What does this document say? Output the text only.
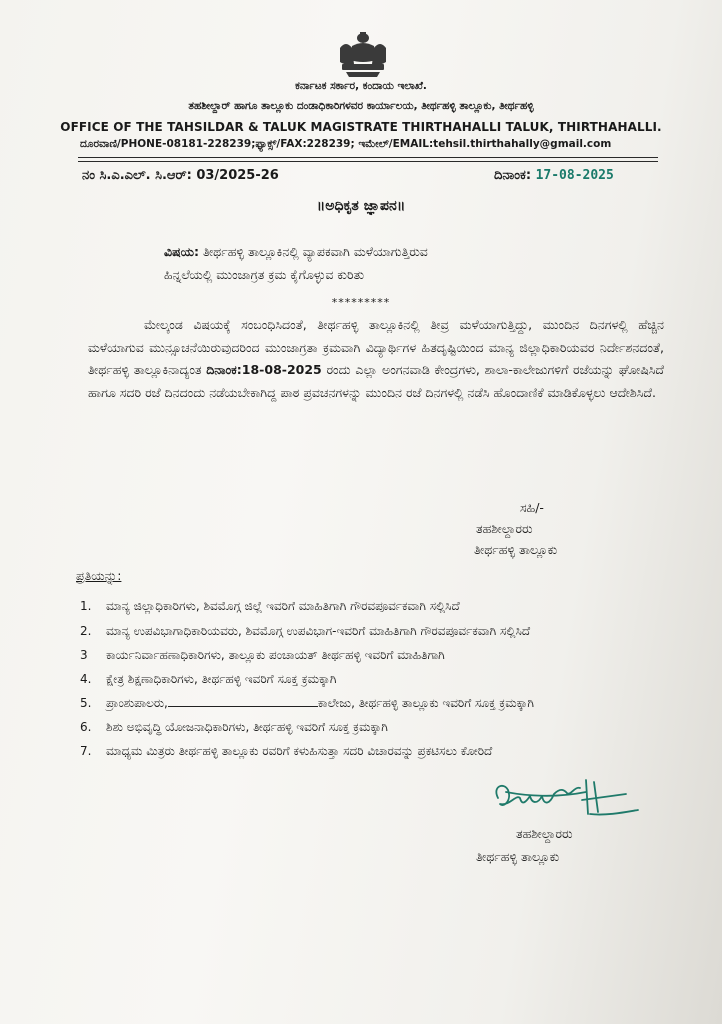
ಕರ್ನಾಟಕ ಸರ್ಕಾರ, ಕಂದಾಯ ಇಲಾಖೆ.
ತಹಶೀಲ್ದಾರ್ ಹಾಗೂ ತಾಲ್ಲೂಕು ದಂಡಾಧಿಕಾರಿಗಳವರ ಕಾರ್ಯಾಲಯ, ತೀರ್ಥಹಳ್ಳಿ ತಾಲ್ಲೂಕು, ತೀರ್ಥಹಳ್ಳಿ
OFFICE OF THE TAHSILDAR & TALUK MAGISTRATE THIRTHAHALLI TALUK, THIRTHAHALLI.
ದೂರವಾಣಿ/PHONE-08181-228239;ಫ್ಯಾಕ್ಸ್/FAX:228239; ಇಮೇಲ್/EMAIL:tehsil.thirthahally@gmail.com
ನಂ ಸಿ.ಎ.ಎಲ್. ಸಿ.ಆರ್: 03/2025-26	ದಿನಾಂಕ: 17-08-2025
॥ಅಧಿಕೃತ ಜ್ಞಾಪನ॥
ವಿಷಯ: ತೀರ್ಥಹಳ್ಳಿ ತಾಲ್ಲೂಕಿನಲ್ಲಿ ವ್ಯಾಪಕವಾಗಿ ಮಳೆಯಾಗುತ್ತಿರುವ
ಹಿನ್ನಲೆಯಲ್ಲಿ ಮುಂಜಾಗ್ರತ ಕ್ರಮ ಕೈಗೊಳ್ಳುವ ಕುರಿತು
*********
ಮೇಲ್ಕಂಡ ವಿಷಯಕ್ಕೆ ಸಂಬಂಧಿಸಿದಂತೆ, ತೀರ್ಥಹಳ್ಳಿ ತಾಲ್ಲೂಕಿನಲ್ಲಿ ತೀವ್ರ ಮಳೆಯಾಗುತ್ತಿದ್ದು, ಮುಂದಿನ ದಿನಗಳಲ್ಲಿ ಹೆಚ್ಚಿನ ಮಳೆಯಾಗುವ ಮುನ್ಸೂಚನೆಯಿರುವುದರಿಂದ ಮುಂಜಾಗ್ರತಾ ಕ್ರಮವಾಗಿ ವಿದ್ಯಾರ್ಥಿಗಳ ಹಿತದೃಷ್ಟಿಯಿಂದ ಮಾನ್ಯ ಜಿಲ್ಲಾಧಿಕಾರಿಯವರ ನಿರ್ದೇಶನದಂತೆ, ತೀರ್ಥಹಳ್ಳಿ ತಾಲ್ಲೂಕಿನಾದ್ಯಂತ ದಿನಾಂಕ:18-08-2025 ರಂದು ಎಲ್ಲಾ ಅಂಗನವಾಡಿ ಕೇಂದ್ರಗಳು, ಶಾಲಾ-ಕಾಲೇಜುಗಳಿಗೆ ರಜೆಯನ್ನು ಘೋಷಿಸಿದೆ ಹಾಗೂ ಸದರಿ ರಜೆ ದಿನದಂದು ನಡೆಯಬೇಕಾಗಿದ್ದ ಪಾಠ ಪ್ರವಚನಗಳನ್ನು ಮುಂದಿನ ರಜೆ ದಿನಗಳಲ್ಲಿ ನಡೆಸಿ ಹೊಂದಾಣಿಕೆ ಮಾಡಿಕೊಳ್ಳಲು ಆದೇಶಿಸಿದೆ.
ಸಹಿ/-
ತಹಶೀಲ್ದಾರರು
ತೀರ್ಥಹಳ್ಳಿ ತಾಲ್ಲೂಕು
ಪ್ರತಿಯನ್ನು:
1.	ಮಾನ್ಯ ಜಿಲ್ಲಾಧಿಕಾರಿಗಳು, ಶಿವಮೊಗ್ಗ ಜಿಲ್ಲೆ ಇವರಿಗೆ ಮಾಹಿತಿಗಾಗಿ ಗೌರವಪೂರ್ವಕವಾಗಿ ಸಲ್ಲಿಸಿದೆ
2.	ಮಾನ್ಯ ಉಪವಿಭಾಗಾಧಿಕಾರಿಯವರು, ಶಿವಮೊಗ್ಗ ಉಪವಿಭಾಗ-ಇವರಿಗೆ ಮಾಹಿತಿಗಾಗಿ ಗೌರವಪೂರ್ವಕವಾಗಿ ಸಲ್ಲಿಸಿದೆ
3	ಕಾರ್ಯನಿರ್ವಾಹಣಾಧಿಕಾರಿಗಳು, ತಾಲ್ಲೂಕು ಪಂಚಾಯತ್ ತೀರ್ಥಹಳ್ಳಿ ಇವರಿಗೆ ಮಾಹಿತಿಗಾಗಿ
4.	ಕ್ಷೇತ್ರ ಶಿಕ್ಷಣಾಧಿಕಾರಿಗಳು, ತೀರ್ಥಹಳ್ಳಿ ಇವರಿಗೆ ಸೂಕ್ತ ಕ್ರಮಕ್ಕಾಗಿ
5.	ಪ್ರಾಂಶುಪಾಲರು,	ಕಾಲೇಜು, ತೀರ್ಥಹಳ್ಳಿ ತಾಲ್ಲೂಕು ಇವರಿಗೆ ಸೂಕ್ತ ಕ್ರಮಕ್ಕಾಗಿ
6.	ಶಿಶು ಅಭಿವೃದ್ಧಿ ಯೋಜನಾಧಿಕಾರಿಗಳು, ತೀರ್ಥಹಳ್ಳಿ ಇವರಿಗೆ ಸೂಕ್ತ ಕ್ರಮಕ್ಕಾಗಿ
7.	ಮಾಧ್ಯಮ ಮಿತ್ರರು ತೀರ್ಥಹಳ್ಳಿ ತಾಲ್ಲೂಕು ರವರಿಗೆ ಕಳುಹಿಸುತ್ತಾ ಸದರಿ ವಿಚಾರವನ್ನು ಪ್ರಕಟಿಸಲು ಕೋರಿದೆ
ತಹಶೀಲ್ದಾರರು
ತೀರ್ಥಹಳ್ಳಿ ತಾಲ್ಲೂಕು
